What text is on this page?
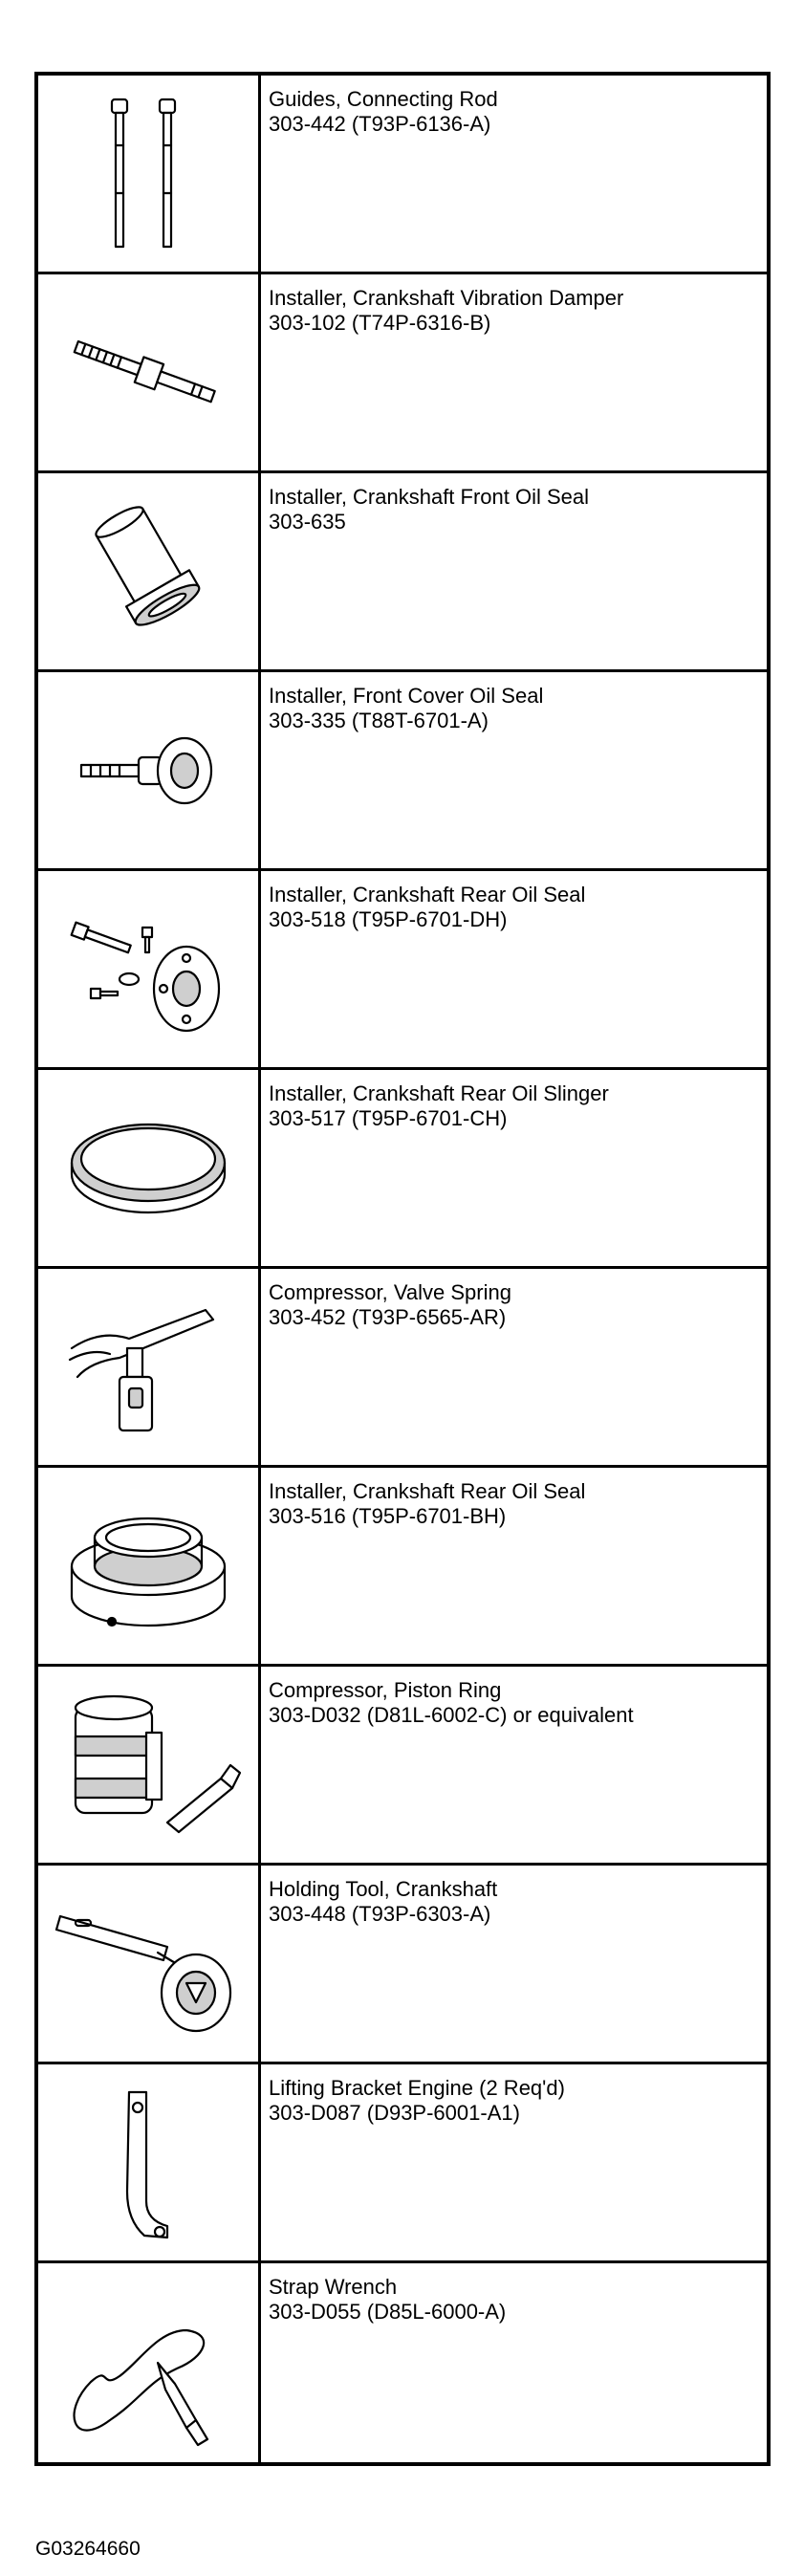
Guides, Connecting Rod
303-442 (T93P-6136-A)
Installer, Crankshaft Vibration Damper
303-102 (T74P-6316-B)
Installer, Crankshaft Front Oil Seal
303-635
Installer, Front Cover Oil Seal
303-335 (T88T-6701-A)
Installer, Crankshaft Rear Oil Seal
303-518 (T95P-6701-DH)
Installer, Crankshaft Rear Oil Slinger
303-517 (T95P-6701-CH)
Compressor, Valve Spring
303-452 (T93P-6565-AR)
Installer, Crankshaft Rear Oil Seal
303-516 (T95P-6701-BH)
Compressor, Piston Ring
303-D032 (D81L-6002-C) or equivalent
Holding Tool, Crankshaft
303-448 (T93P-6303-A)
Lifting Bracket Engine (2 Req'd)
303-D087 (D93P-6001-A1)
Strap Wrench
303-D055 (D85L-6000-A)
G03264660
